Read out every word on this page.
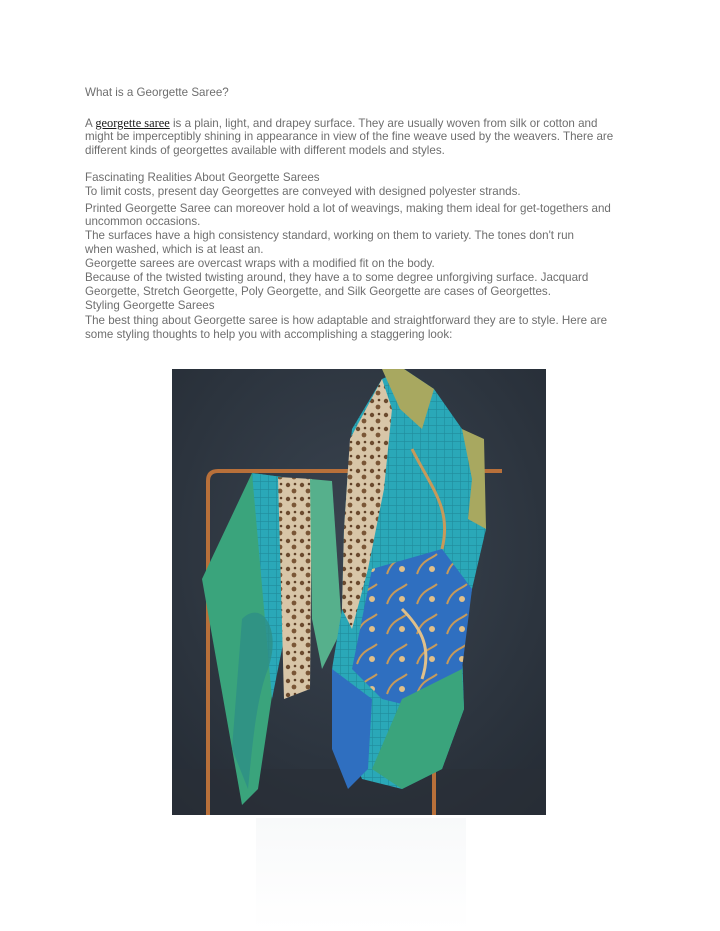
What is a Georgette Saree?

A georgette saree is a plain, light, and drapey surface. They are usually woven from silk or cotton and

might be imperceptibly shining in appearance in view of the fine weave used by the weavers. There are

different kinds of georgettes available with different models and styles.

Fascinating Realities About Georgette Sarees

To limit costs, present day Georgettes are conveyed with designed polyester strands.

Printed Georgette Saree can moreover hold a lot of weavings, making them ideal for get-togethers and

uncommon occasions.

The surfaces have a high consistency standard, working on them to variety. The tones don't run

when washed, which is at least an.

Georgette sarees are overcast wraps with a modified fit on the body.

Because of the twisted twisting around, they have a to some degree unforgiving surface. Jacquard

Georgette, Stretch Georgette, Poly Georgette, and Silk Georgette are cases of Georgettes.

Styling Georgette Sarees

The best thing about Georgette saree is how adaptable and straightforward they are to style. Here are

some styling thoughts to help you with accomplishing a staggering look:
